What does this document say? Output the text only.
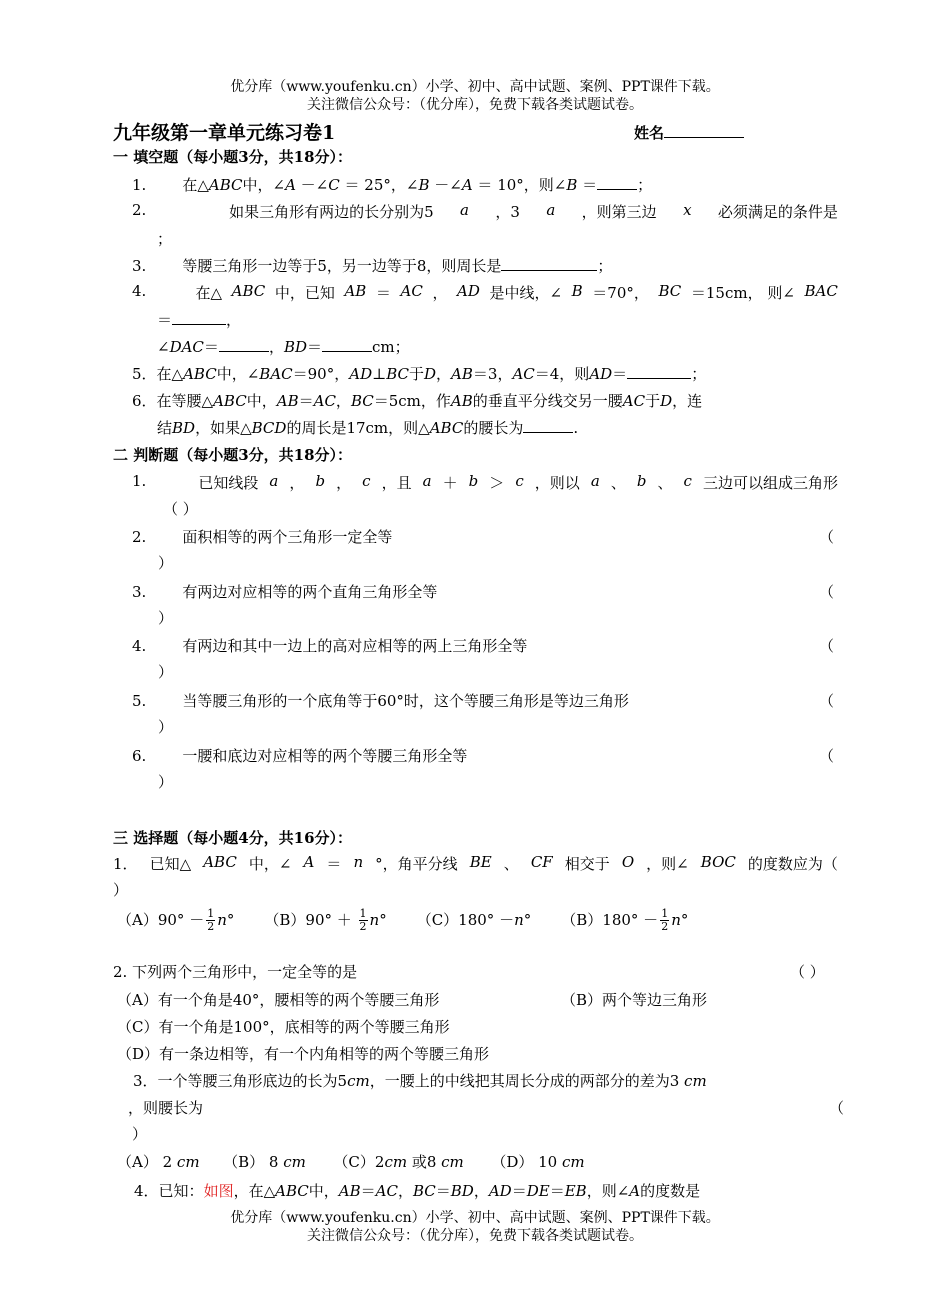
优分库（www.youfenku.cn）小学、初中、高中试题、案例、PPT课件下载。
关注微信公众号：（优分库），免费下载各类试题试卷。
九年级第一章单元练习卷1	姓名
一 填空题（每小题3分，共18分）：
1. 在△ABC中，∠A －∠C ＝ 25°，∠B －∠A ＝ 10°，则∠B ＝	；
2.	如果三角形有两边的长分别为5 a ，3 a ，则第三边 x 必须满足的条件是
；
3. 等腰三角形一边等于5，另一边等于8，则周长是	；
4.	在△ ABC 中，已知 AB ＝ AC ， AD 是中线，∠ B ＝70°， BC ＝15cm， 则∠ BAC
＝	，
∠DAC＝	，BD＝	cm；
5．在△ABC中，∠BAC＝90°，AD⊥BC于D，AB＝3，AC＝4，则AD＝	；
6．在等腰△ABC中，AB＝AC，BC＝5cm，作AB的垂直平分线交另一腰AC于D，连
结BD，如果△BCD的周长是17cm，则△ABC的腰长为	.
二 判断题（每小题3分，共18分）：
1.	已知线段 a ， b ， c ，且 a ＋ b ＞ c ，则以 a 、 b 、 c 三边可以组成三角形
（ ）
2. 面积相等的两个三角形一定全等	（
）
3. 有两边对应相等的两个直角三角形全等	（
）
4. 有两边和其中一边上的高对应相等的两上三角形全等	（
）
5. 当等腰三角形的一个底角等于60°时，这个等腰三角形是等边三角形	（
）
6. 一腰和底边对应相等的两个等腰三角形全等	（
）
三 选择题（每小题4分，共16分）：
1． 已知△ ABC 中，∠ A ＝ n °，角平分线 BE 、 CF 相交于 O ，则∠ BOC 的度数应为（
）
$(A)90^\circ - \frac{1}{2} n^\circ$ $(B)90^\circ + \frac{1}{2} n^\circ$ （C）180° －n° $(B)180^\circ - \frac{1}{2} n^\circ$
2. 下列两个三角形中，一定全等的是	（ ）
（A）有一个角是40°，腰相等的两个等腰三角形	（B）两个等边三角形
（C）有一个角是100°，底相等的两个等腰三角形
（D）有一条边相等，有一个内角相等的两个等腰三角形
3．一个等腰三角形底边的长为5cm，一腰上的中线把其周长分成的两部分的差为3 cm
，则腰长为	（
）
（A） 2 cm （B） 8 cm （C）2cm 或8 cm （D） 10 cm
4．已知：如图，在△ABC中，AB＝AC，BC＝BD，AD＝DE＝EB，则∠A的度数是
优分库（www.youfenku.cn）小学、初中、高中试题、案例、PPT课件下载。
关注微信公众号：（优分库），免费下载各类试题试卷。
